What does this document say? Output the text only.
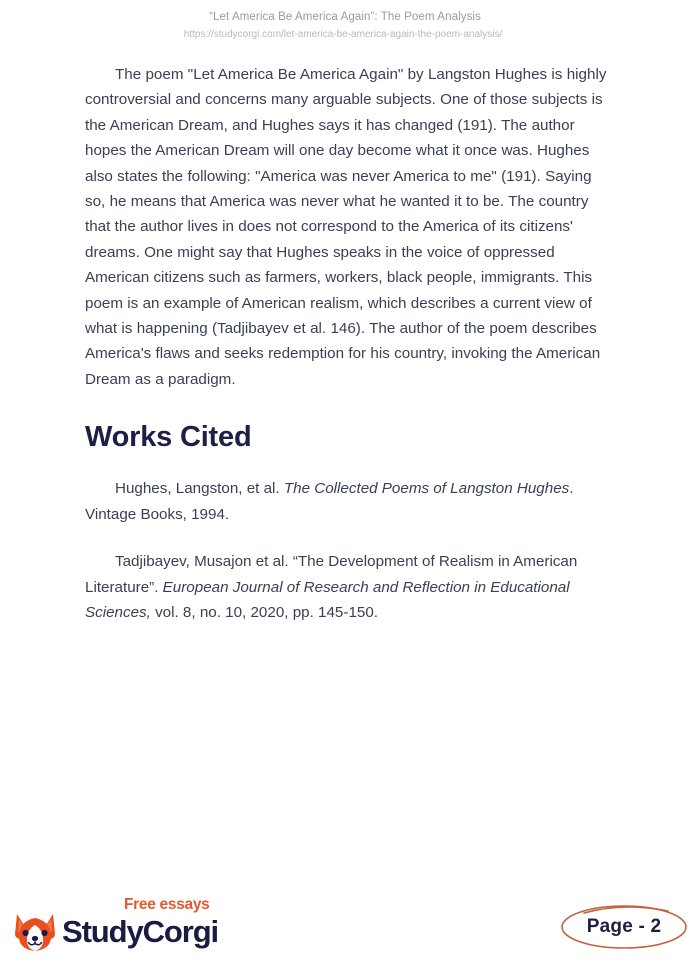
“Let America Be America Again”: The Poem Analysis
https://studycorgi.com/let-america-be-america-again-the-poem-analysis/

The poem "Let America Be America Again" by Langston Hughes is highly controversial and concerns many arguable subjects. One of those subjects is the American Dream, and Hughes says it has changed (191). The author hopes the American Dream will one day become what it once was. Hughes also states the following: "America was never America to me" (191). Saying so, he means that America was never what he wanted it to be. The country that the author lives in does not correspond to the America of its citizens' dreams. One might say that Hughes speaks in the voice of oppressed American citizens such as farmers, workers, black people, immigrants. This poem is an example of American realism, which describes a current view of what is happening (Tadjibayev et al. 146). The author of the poem describes America's flaws and seeks redemption for his country, invoking the American Dream as a paradigm.

Works Cited

Hughes, Langston, et al. The Collected Poems of Langston Hughes. Vintage Books, 1994.

Tadjibayev, Musajon et al. “The Development of Realism in American Literature”. European Journal of Research and Reflection in Educational Sciences, vol. 8, no. 10, 2020, pp. 145-150.

Free essays
StudyCorgi	Page - 2
